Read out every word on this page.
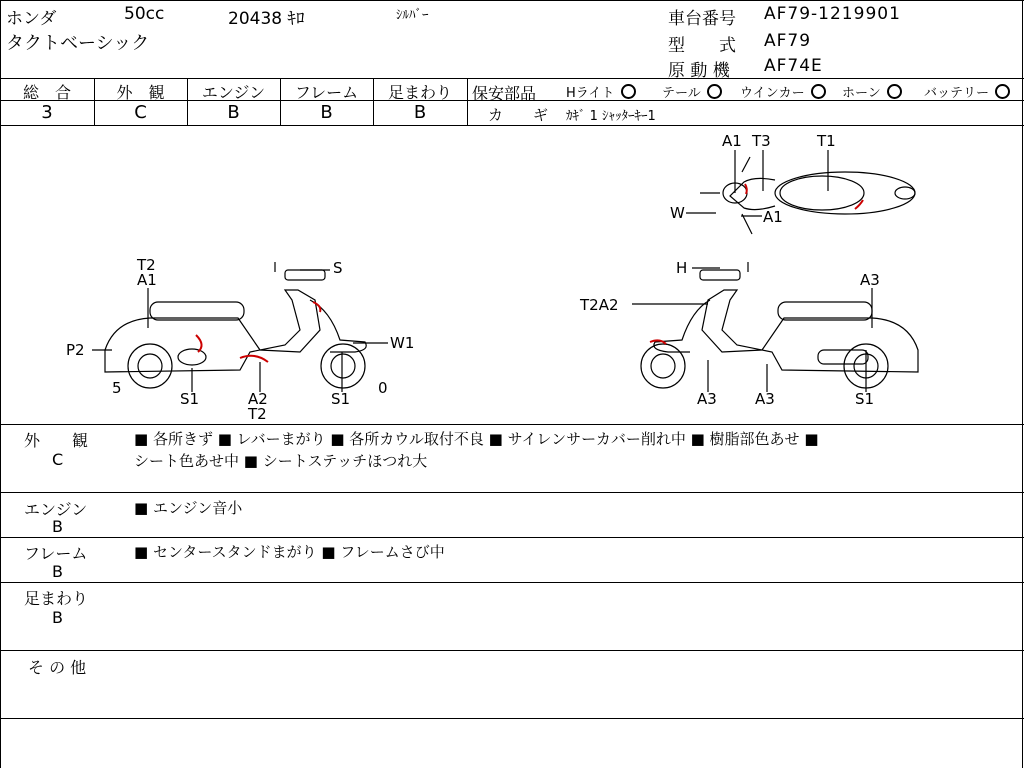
ホンダ	50cc	20438 ｷﾛ	ｼﾙﾊﾞｰ
タクトベーシック
車台番号 AF79-1219901
型　　式 AF79
原 動 機 AF74E
総　合
3
外　観
C
エンジン
B
フレーム
B
足まわり
B
保安部品 Hライト	テール	ウインカー	ホーン	バッテリー
カ　　ギ ｶｷﾞ 1 ｼｬｯﾀｰｷｰ1
A1 T3	T1
W	A1
T2
A1
S
P2	W1
5	0
S1	A2
T2
S1
H
A3
T2A2
A3	A3	S1
外　　観
C
■ 各所きず ■ レバーまがり ■ 各所カウル取付不良 ■ サイレンサーカバー削れ中 ■ 樹脂部色あせ ■
シート色あせ中 ■ シートステッチほつれ大
エンジン
B
■ エンジン音小
フレーム
B
■ センタースタンドまがり ■ フレームさび中
足まわり
B
そ の 他
